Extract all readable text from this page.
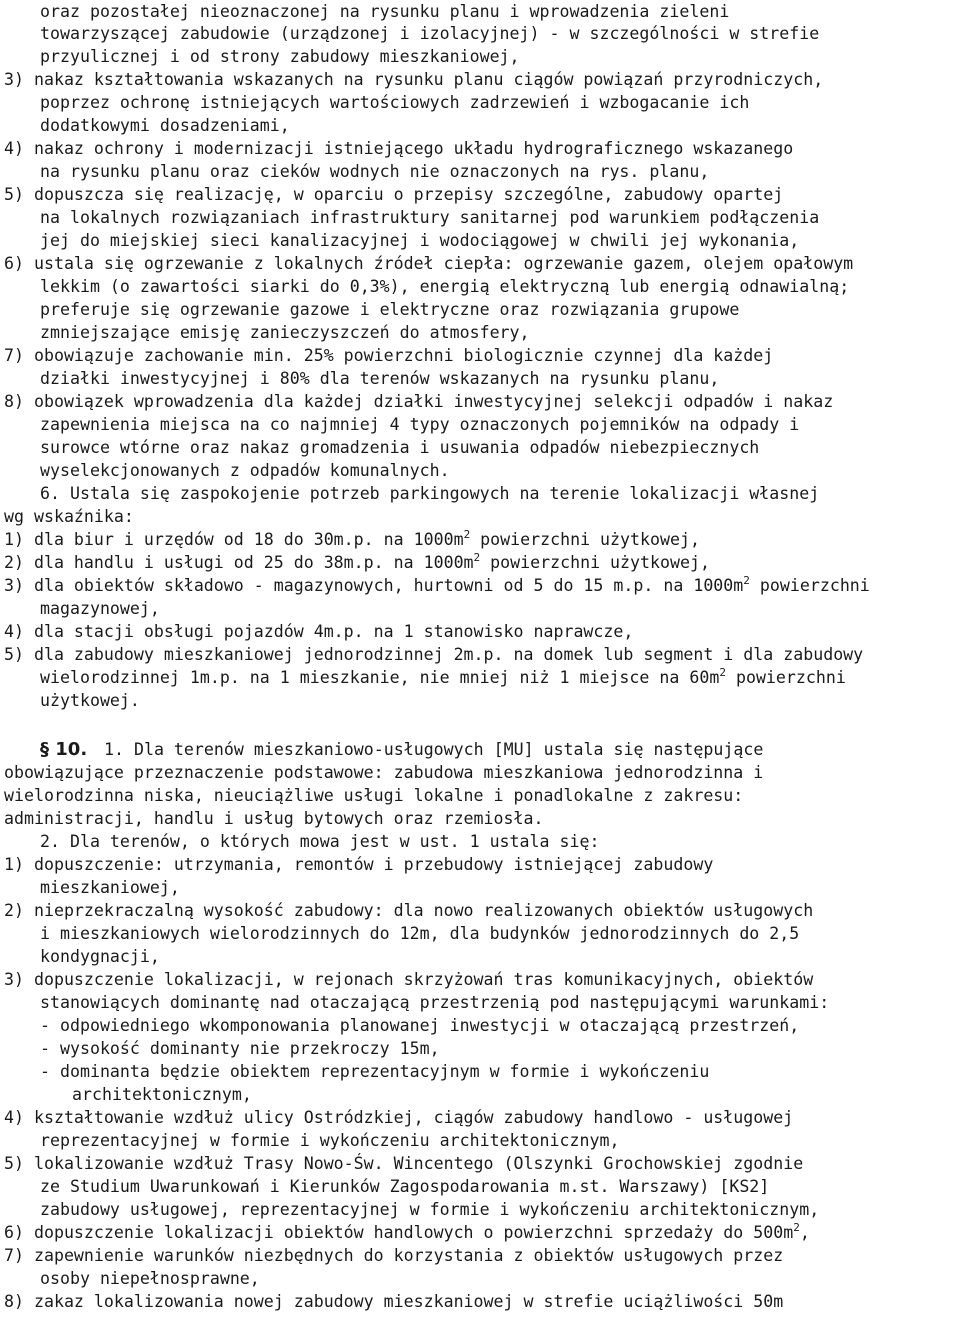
oraz pozostałej nieoznaczonej na rysunku planu i wprowadzenia zieleni
towarzyszącej zabudowie (urządzonej i izolacyjnej) - w szczególności w strefie
przyulicznej i od strony zabudowy mieszkaniowej,
3) nakaz kształtowania wskazanych na rysunku planu ciągów powiązań przyrodniczych,
poprzez ochronę istniejących wartościowych zadrzewień i wzbogacanie ich
dodatkowymi dosadzeniami,
4) nakaz ochrony i modernizacji istniejącego układu hydrograficznego wskazanego
na rysunku planu oraz cieków wodnych nie oznaczonych na rys. planu,
5) dopuszcza się realizację, w oparciu o przepisy szczególne, zabudowy opartej
na lokalnych rozwiązaniach infrastruktury sanitarnej pod warunkiem podłączenia
jej do miejskiej sieci kanalizacyjnej i wodociągowej w chwili jej wykonania,
6) ustala się ogrzewanie z lokalnych źródeł ciepła: ogrzewanie gazem, olejem opałowym
lekkim (o zawartości siarki do 0,3%), energią elektryczną lub energią odnawialną;
preferuje się ogrzewanie gazowe i elektryczne oraz rozwiązania grupowe
zmniejszające emisję zanieczyszczeń do atmosfery,
7) obowiązuje zachowanie min. 25% powierzchni biologicznie czynnej dla każdej
działki inwestycyjnej i 80% dla terenów wskazanych na rysunku planu,
8) obowiązek wprowadzenia dla każdej działki inwestycyjnej selekcji odpadów i nakaz
zapewnienia miejsca na co najmniej 4 typy oznaczonych pojemników na odpady i
surowce wtórne oraz nakaz gromadzenia i usuwania odpadów niebezpiecznych
wyselekcjonowanych z odpadów komunalnych.
6. Ustala się zaspokojenie potrzeb parkingowych na terenie lokalizacji własnej
wg wskaźnika:
1) dla biur i urzędów od 18 do 30m.p. na $1000m^2$ powierzchni użytkowej,
2) dla handlu i usługi od 25 do 38m.p. na $1000m^2$ powierzchni użytkowej,
3) dla obiektów składowo - magazynowych, hurtowni od 5 do 15 m.p. na $1000m^2$ powierzchni
magazynowej,
4) dla stacji obsługi pojazdów 4m.p. na 1 stanowisko naprawcze,
5) dla zabudowy mieszkaniowej jednorodzinnej 2m.p. na domek lub segment i dla zabudowy
wielorodzinnej 1m.p. na 1 mieszkanie, nie mniej niż 1 miejsce na $60m^2$ powierzchni
użytkowej.
§ 10. 1. Dla terenów mieszkaniowo-usługowych [MU] ustala się następujące
obowiązujące przeznaczenie podstawowe: zabudowa mieszkaniowa jednorodzinna i
wielorodzinna niska, nieuciążliwe usługi lokalne i ponadlokalne z zakresu:
administracji, handlu i usług bytowych oraz rzemiosła.
2. Dla terenów, o których mowa jest w ust. 1 ustala się:
1) dopuszczenie: utrzymania, remontów i przebudowy istniejącej zabudowy
mieszkaniowej,
2) nieprzekraczalną wysokość zabudowy: dla nowo realizowanych obiektów usługowych
i mieszkaniowych wielorodzinnych do 12m, dla budynków jednorodzinnych do 2,5
kondygnacji,
3) dopuszczenie lokalizacji, w rejonach skrzyżowań tras komunikacyjnych, obiektów
stanowiących dominantę nad otaczającą przestrzenią pod następującymi warunkami:
- odpowiedniego wkomponowania planowanej inwestycji w otaczającą przestrzeń,
- wysokość dominanty nie przekroczy 15m,
- dominanta będzie obiektem reprezentacyjnym w formie i wykończeniu
architektonicznym,
4) kształtowanie wzdłuż ulicy Ostródzkiej, ciągów zabudowy handlowo - usługowej
reprezentacyjnej w formie i wykończeniu architektonicznym,
5) lokalizowanie wzdłuż Trasy Nowo-Św. Wincentego (Olszynki Grochowskiej zgodnie
ze Studium Uwarunkowań i Kierunków Zagospodarowania m.st. Warszawy) [KS2]
zabudowy usługowej, reprezentacyjnej w formie i wykończeniu architektonicznym,
6) dopuszczenie lokalizacji obiektów handlowych o powierzchni sprzedaży do $500m^2$,
7) zapewnienie warunków niezbędnych do korzystania z obiektów usługowych przez
osoby niepełnosprawne,
8) zakaz lokalizowania nowej zabudowy mieszkaniowej w strefie uciążliwości 50m
